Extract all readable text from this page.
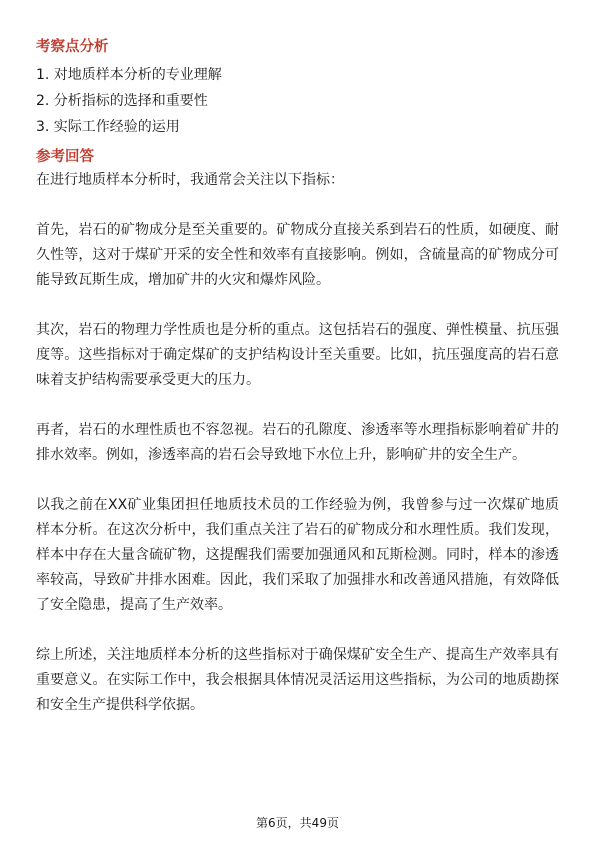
考察点分析
1. 对地质样本分析的专业理解
2. 分析指标的选择和重要性
3. 实际工作经验的运用
参考回答

在进行地质样本分析时，我通常会关注以下指标：

首先，岩石的矿物成分是至关重要的。矿物成分直接关系到岩石的性质，如硬度、耐久性等，这对于煤矿开采的安全性和效率有直接影响。例如，含硫量高的矿物成分可能导致瓦斯生成，增加矿井的火灾和爆炸风险。

其次，岩石的物理力学性质也是分析的重点。这包括岩石的强度、弹性模量、抗压强度等。这些指标对于确定煤矿的支护结构设计至关重要。比如，抗压强度高的岩石意味着支护结构需要承受更大的压力。

再者，岩石的水理性质也不容忽视。岩石的孔隙度、渗透率等水理指标影响着矿井的排水效率。例如，渗透率高的岩石会导致地下水位上升，影响矿井的安全生产。

以我之前在XX矿业集团担任地质技术员的工作经验为例，我曾参与过一次煤矿地质样本分析。在这次分析中，我们重点关注了岩石的矿物成分和水理性质。我们发现，样本中存在大量含硫矿物，这提醒我们需要加强通风和瓦斯检测。同时，样本的渗透率较高，导致矿井排水困难。因此，我们采取了加强排水和改善通风措施，有效降低了安全隐患，提高了生产效率。

综上所述，关注地质样本分析的这些指标对于确保煤矿安全生产、提高生产效率具有重要意义。在实际工作中，我会根据具体情况灵活运用这些指标，为公司的地质勘探和安全生产提供科学依据。

第6页，共49页
